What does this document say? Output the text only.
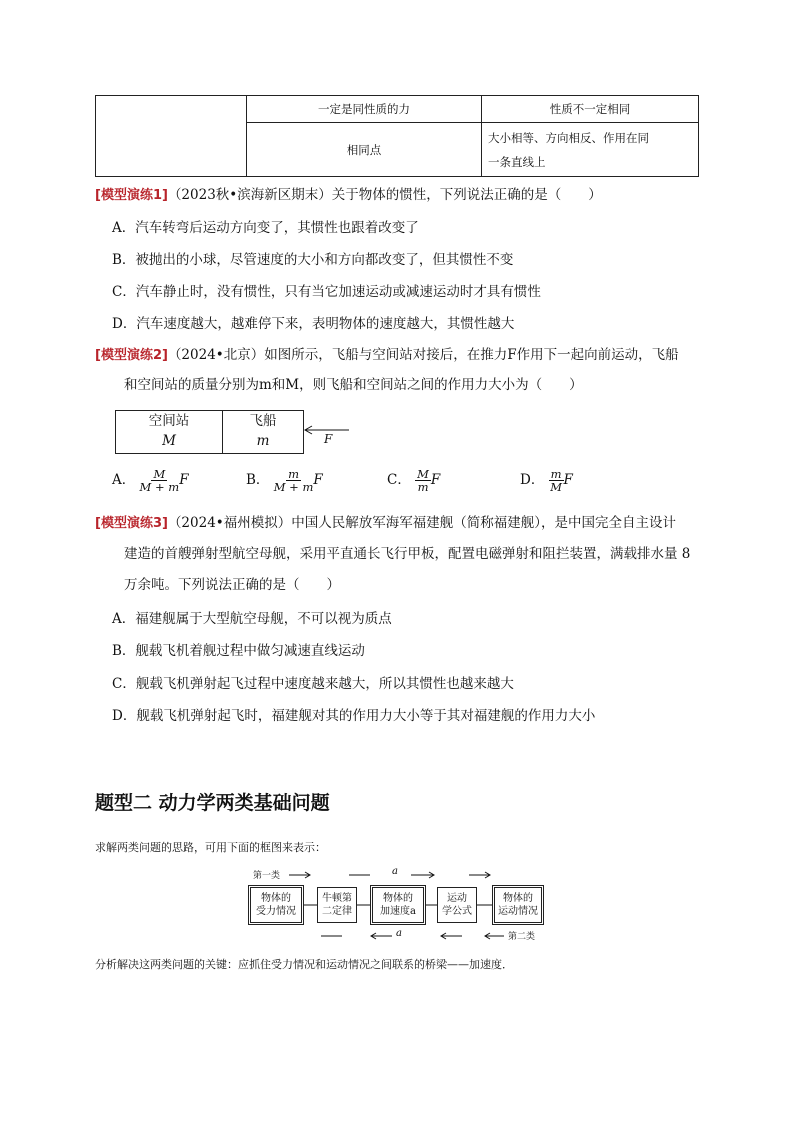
	一定是同性质的力	性质不一定相同
	相同点	大小相等、方向相反、作用在同
一条直线上
[模型演练1]（2023秋•滨海新区期末）关于物体的惯性，下列说法正确的是（　　）
A．汽车转弯后运动方向变了，其惯性也跟着改变了
B．被抛出的小球，尽管速度的大小和方向都改变了，但其惯性不变
C．汽车静止时，没有惯性，只有当它加速运动或减速运动时才具有惯性
D．汽车速度越大，越难停下来，表明物体的速度越大，其惯性越大
[模型演练2]（2024•北京）如图所示，飞船与空间站对接后，在推力F作用下一起向前运动，飞船
和空间站的质量分别为m和M，则飞船和空间站之间的作用力大小为（　　）
空间站
M
飞船
m	F
A． $\frac{M}{M + m}$ F	B． $\frac{m}{M + m}$ F	C． $\frac{M}{m}$ F	D． $\frac{m}{M}$ F
[模型演练3]（2024•福州模拟）中国人民解放军海军福建舰（简称福建舰），是中国完全自主设计
建造的首艘弹射型航空母舰，采用平直通长飞行甲板，配置电磁弹射和阻拦装置，满载排水量 8
万余吨。下列说法正确的是（　　）
A．福建舰属于大型航空母舰，不可以视为质点
B．舰载飞机着舰过程中做匀减速直线运动
C．舰载飞机弹射起飞过程中速度越来越大，所以其惯性也越来越大
D．舰载飞机弹射起飞时，福建舰对其的作用力大小等于其对福建舰的作用力大小
题型二 动力学两类基础问题
求解两类问题的思路，可用下面的框图来表示：
第一类	a
物体的
受力情况
牛顿第
二定律
物体的
加速度a
运动
学公式
物体的
运动情况
a	第二类
分析解决这两类问题的关键：应抓住受力情况和运动情况之间联系的桥梁——加速度．
